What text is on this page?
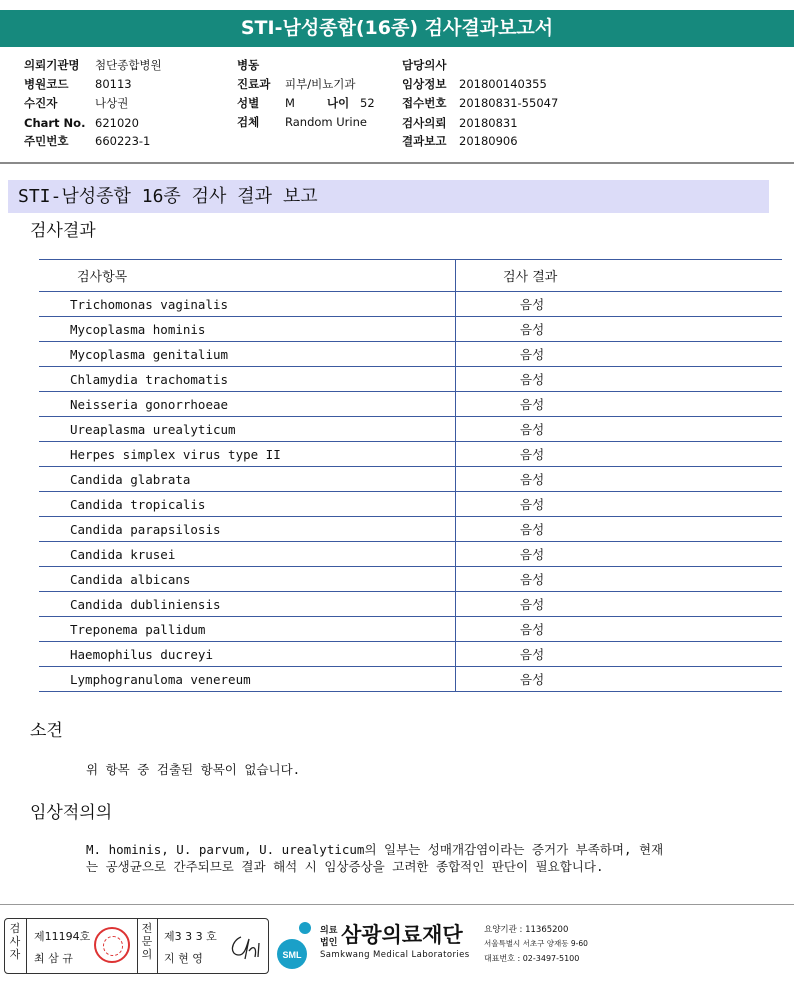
STI-남성종합(16종) 검사결과보고서
의뢰기관명 첨단종합병원
병원코드 80113
수진자	나상권
Chart No. 621020
주민번호 660223-1
병동
진료과 피부/비뇨기과
성별 M	나이 52
검체 Random Urine
담당의사
임상정보 201800140355
접수번호 20180831-55047
검사의뢰 20180831
결과보고 20180906
STI-남성종합 16종 검사 결과 보고
검사결과
검사항목	검사 결과
Trichomonas vaginalis	음성
Mycoplasma hominis	음성
Mycoplasma genitalium	음성
Chlamydia trachomatis	음성
Neisseria gonorrhoeae	음성
Ureaplasma urealyticum	음성
Herpes simplex virus type II	음성
Candida glabrata	음성
Candida tropicalis	음성
Candida parapsilosis	음성
Candida krusei	음성
Candida albicans	음성
Candida dubliniensis	음성
Treponema pallidum	음성
Haemophilus ducreyi	음성
Lymphogranuloma venereum	음성
소견
위 항목 중 검출된 항목이 없습니다.
임상적의의
M. hominis, U. parvum, U. urealyticum의 일부는 성매개감염이라는 증거가 부족하며, 현재
는 공생균으로 간주되므로 결과 해석 시 임상증상을 고려한 종합적인 판단이 필요합니다.
검
사
자
제11194호
최 삼 규
전
문
의
제3 3 3 호
지 현 영	SML
의료
법인 삼광의료재단
Samkwang Medical Laboratories
요양기관 : 11365200
서울특별시 서초구 양재동 9-60
대표번호 : 02-3497-5100
